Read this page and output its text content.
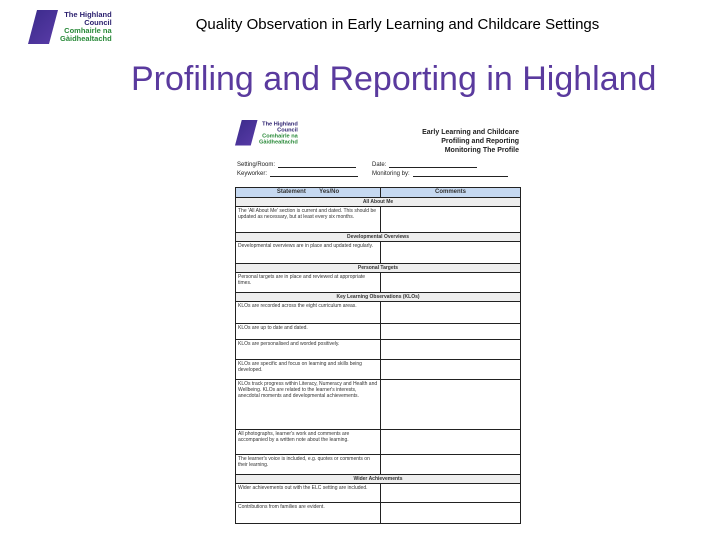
The Highland
Council
Comhairle na
Gàidhealtachd
Quality Observation in Early Learning and Childcare Settings
Profiling and Reporting in Highland
The Highland
Council
Comhairle na
Gàidhealtachd
Early Learning and Childcare
Profiling and Reporting
Monitoring The Profile
Setting/Room:
Keyworker:
Date:
Monitoring by:
Statement Yes/No	Comments
All About Me	
The 'All About Me' section is current and dated. This should be updated as necessary, but at least every six months.	
Developmental Overviews	
Developmental overviews are in place and updated regularly.	
Personal Targets	
Personal targets are in place and reviewed at appropriate times.	
Key Learning Observations (KLOs)	
KLOs are recorded across the eight curriculum areas.	
KLOs are up to date and dated.	
KLOs are personalised and worded positively.	
KLOs are specific and focus on learning and skills being developed.	
KLOs track progress within Literacy, Numeracy and Health and Wellbeing. KLOs are related to the learner's interests, anecdotal moments and developmental achievements.	
All photographs, learner's work and comments are accompanied by a written note about the learning.	
The learner's voice is included, e.g. quotes or comments on their learning.	
Wider Achievements	
Wider achievements out with the ELC setting are included.	
Contributions from families are evident.	
